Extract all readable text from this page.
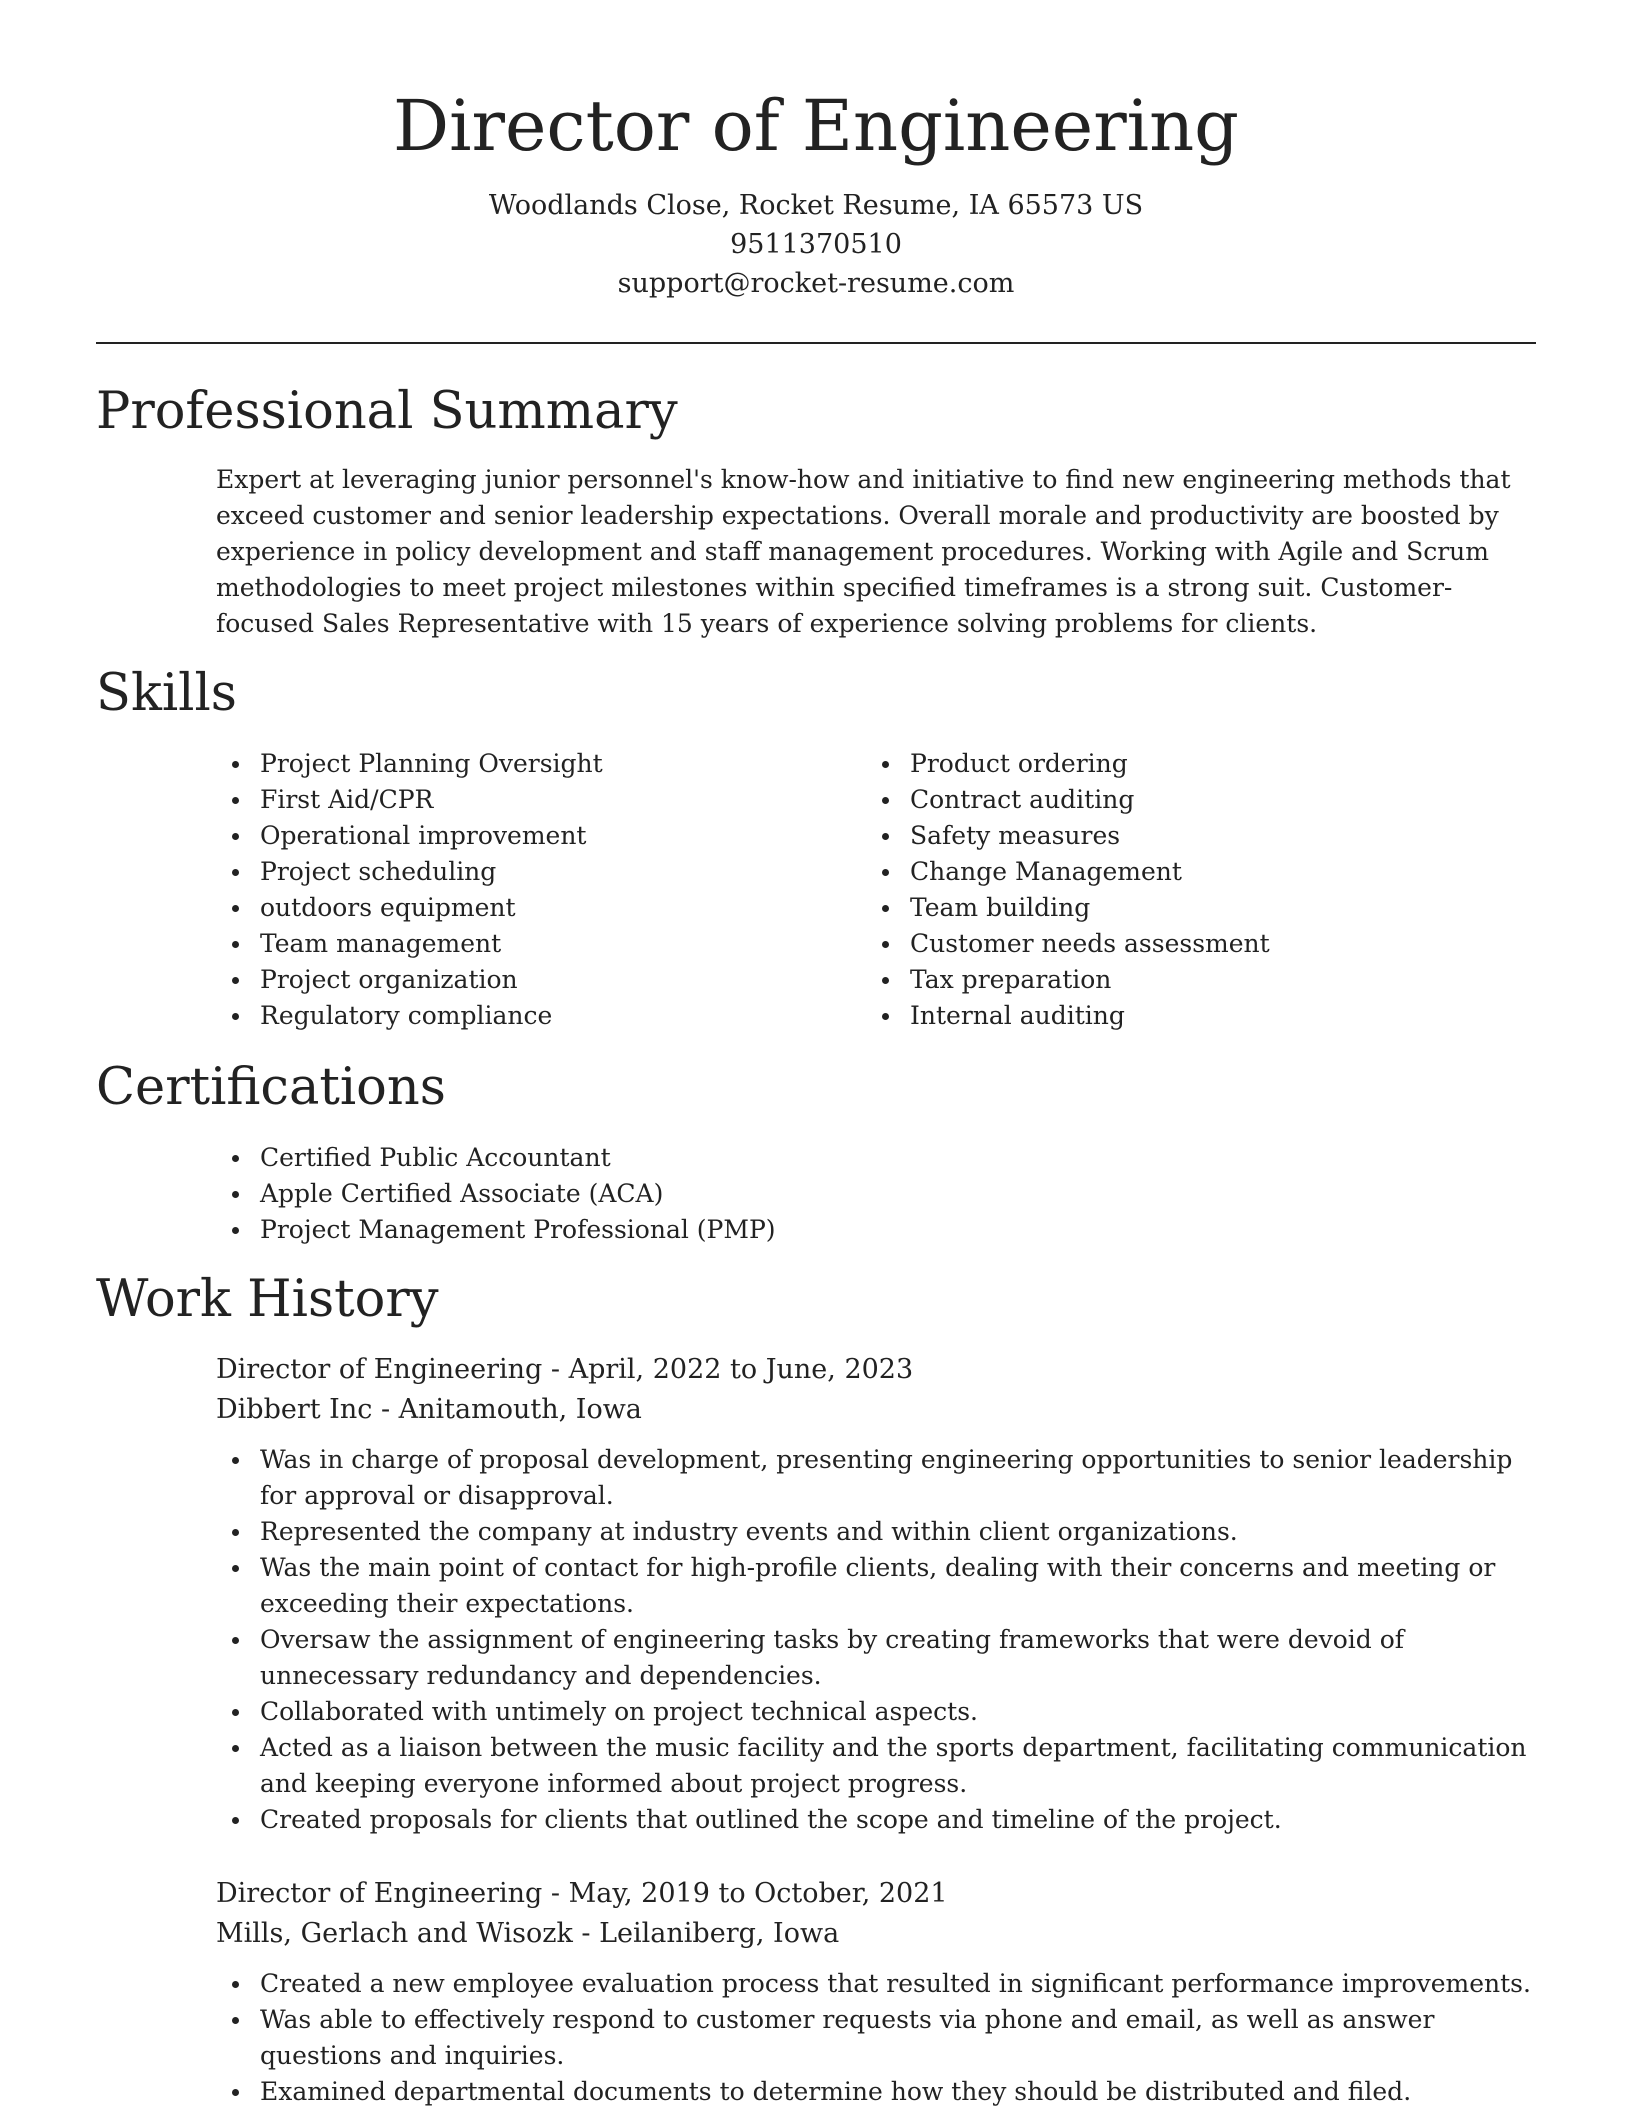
Director of Engineering

Woodlands Close, Rocket Resume, IA 65573 US

9511370510

support@rocket-resume.com

Professional Summary

Expert at leveraging junior personnel's know-how and initiative to find new engineering methods that exceed customer and senior leadership expectations. Overall morale and productivity are boosted by experience in policy development and staff management procedures. Working with Agile and Scrum methodologies to meet project milestones within specified timeframes is a strong suit. Customer-focused Sales Representative with 15 years of experience solving problems for clients.

Skills
Project Planning Oversight
First Aid/CPR
Operational improvement
Project scheduling
outdoors equipment
Team management
Project organization
Regulatory compliance
Product ordering
Contract auditing
Safety measures
Change Management
Team building
Customer needs assessment
Tax preparation
Internal auditing
Certifications
Certified Public Accountant
Apple Certified Associate (ACA)
Project Management Professional (PMP)
Work History

Director of Engineering - April, 2022 to June, 2023

Dibbert Inc - Anitamouth, Iowa

Was in charge of proposal development, presenting engineering opportunities to senior leadership for approval or disapproval.
Represented the company at industry events and within client organizations.
Was the main point of contact for high-profile clients, dealing with their concerns and meeting or exceeding their expectations.
Oversaw the assignment of engineering tasks by creating frameworks that were devoid of unnecessary redundancy and dependencies.
Collaborated with untimely on project technical aspects.
Acted as a liaison between the music facility and the sports department, facilitating communication and keeping everyone informed about project progress.
Created proposals for clients that outlined the scope and timeline of the project.

Director of Engineering - May, 2019 to October, 2021

Mills, Gerlach and Wisozk - Leilaniberg, Iowa

Created a new employee evaluation process that resulted in significant performance improvements.
Was able to effectively respond to customer requests via phone and email, as well as answer questions and inquiries.
Examined departmental documents to determine how they should be distributed and filed.
